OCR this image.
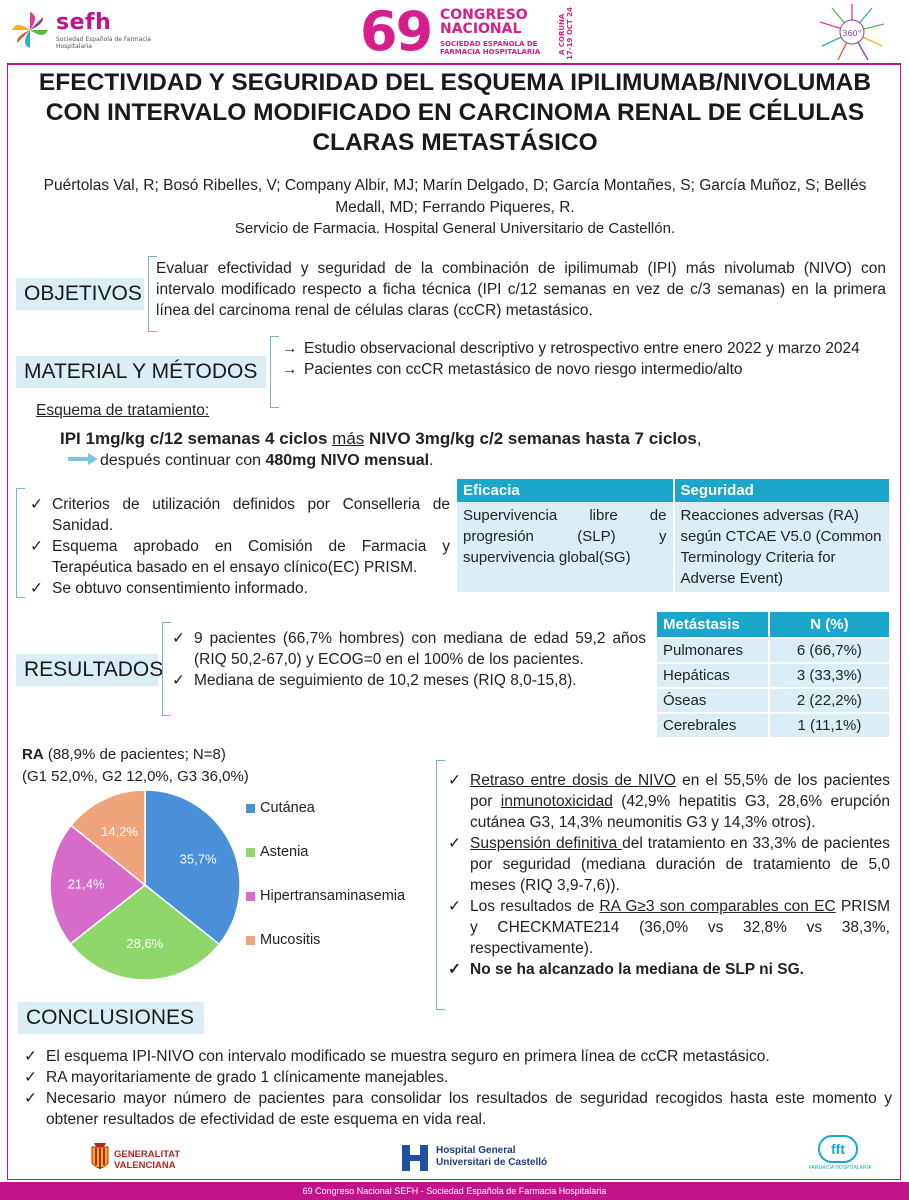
sefh
Sociedad Española de Farmacia Hospitalaria	69 CONGRESO
NACIONAL
SOCIEDAD ESPAÑOLA DE
FARMACIA HOSPITALARIA	A CORUÑA 17-19 OCT 24	360°
EFECTIVIDAD Y SEGURIDAD DEL ESQUEMA IPILIMUMAB/NIVOLUMAB CON INTERVALO MODIFICADO EN CARCINOMA RENAL DE CÉLULAS CLARAS METASTÁSICO
Puértolas Val, R; Bosó Ribelles, V; Company Albir, MJ; Marín Delgado, D; García Montañes, S; García Muñoz, S; Bellés Medall, MD; Ferrando Piqueres, R.
Servicio de Farmacia. Hospital General Universitario de Castellón.
OBJETIVOS
Evaluar efectividad y seguridad de la combinación de ipilimumab (IPI) más nivolumab (NIVO) con intervalo modificado respecto a ficha técnica (IPI c/12 semanas en vez de c/3 semanas) en la primera línea del carcinoma renal de células claras (ccCR) metastásico.
MATERIAL Y MÉTODOS
→ Estudio observacional descriptivo y retrospectivo entre enero 2022 y marzo 2024
→ Pacientes con ccCR metastásico de novo riesgo intermedio/alto
Esquema de tratamiento:
IPI 1mg/kg c/12 semanas 4 ciclos más NIVO 3mg/kg c/2 semanas hasta 7 ciclos,
después continuar con 480mg NIVO mensual.
✓ Criterios de utilización definidos por Conselleria de Sanidad.
✓ Esquema aprobado en Comisión de Farmacia y Terapéutica basado en el ensayo clínico(EC) PRISM.
✓ Se obtuvo consentimiento informado.
Eficacia	Seguridad
Supervivencia libre de progresión (SLP) y supervivencia global(SG)	Reacciones adversas (RA) según CTCAE V5.0 (Common Terminology Criteria for Adverse Event)
RESULTADOS
✓ 9 pacientes (66,7% hombres) con mediana de edad 59,2 años (RIQ 50,2-67,0) y ECOG=0 en el 100% de los pacientes.
✓ Mediana de seguimiento de 10,2 meses (RIQ 8,0-15,8).
Metástasis	N (%)
Pulmonares	6 (66,7%)
Hepáticas	3 (33,3%)
Óseas	2 (22,2%)
Cerebrales	1 (11,1%)
RA (88,9% de pacientes; N=8)
(G1 52,0%, G2 12,0%, G3 36,0%)
35,7%
28,6%
21,4%
14,2%
Cutánea
Astenia
Hipertransaminasemia
Mucositis
✓ Retraso entre dosis de NIVO en el 55,5% de los pacientes por inmunotoxicidad (42,9% hepatitis G3, 28,6% erupción cutánea G3, 14,3% neumonitis G3 y 14,3% otros).
✓ Suspensión definitiva del tratamiento en 33,3% de pacientes por seguridad (mediana duración de tratamiento de 5,0 meses (RIQ 3,9-7,6)).
✓ Los resultados de RA G≥3 son comparables con EC PRISM y CHECKMATE214 (36,0% vs 32,8% vs 38,3%, respectivamente).
✓ No se ha alcanzado la mediana de SLP ni SG.
CONCLUSIONES
✓ El esquema IPI-NIVO con intervalo modificado se muestra seguro en primera línea de ccCR metastásico.
✓ RA mayoritariamente de grado 1 clínicamente manejables.
✓ Necesario mayor número de pacientes para consolidar los resultados de seguridad recogidos hasta este momento y obtener resultados de efectividad de este esquema en vida real.
GENERALITAT
VALENCIANA
Hospital General
Universitari de Castelló
fft
FARMACIA HOSPITALARIA
69 Congreso Nacional SEFH - Sociedad Española de Farmacia Hospitalaria
